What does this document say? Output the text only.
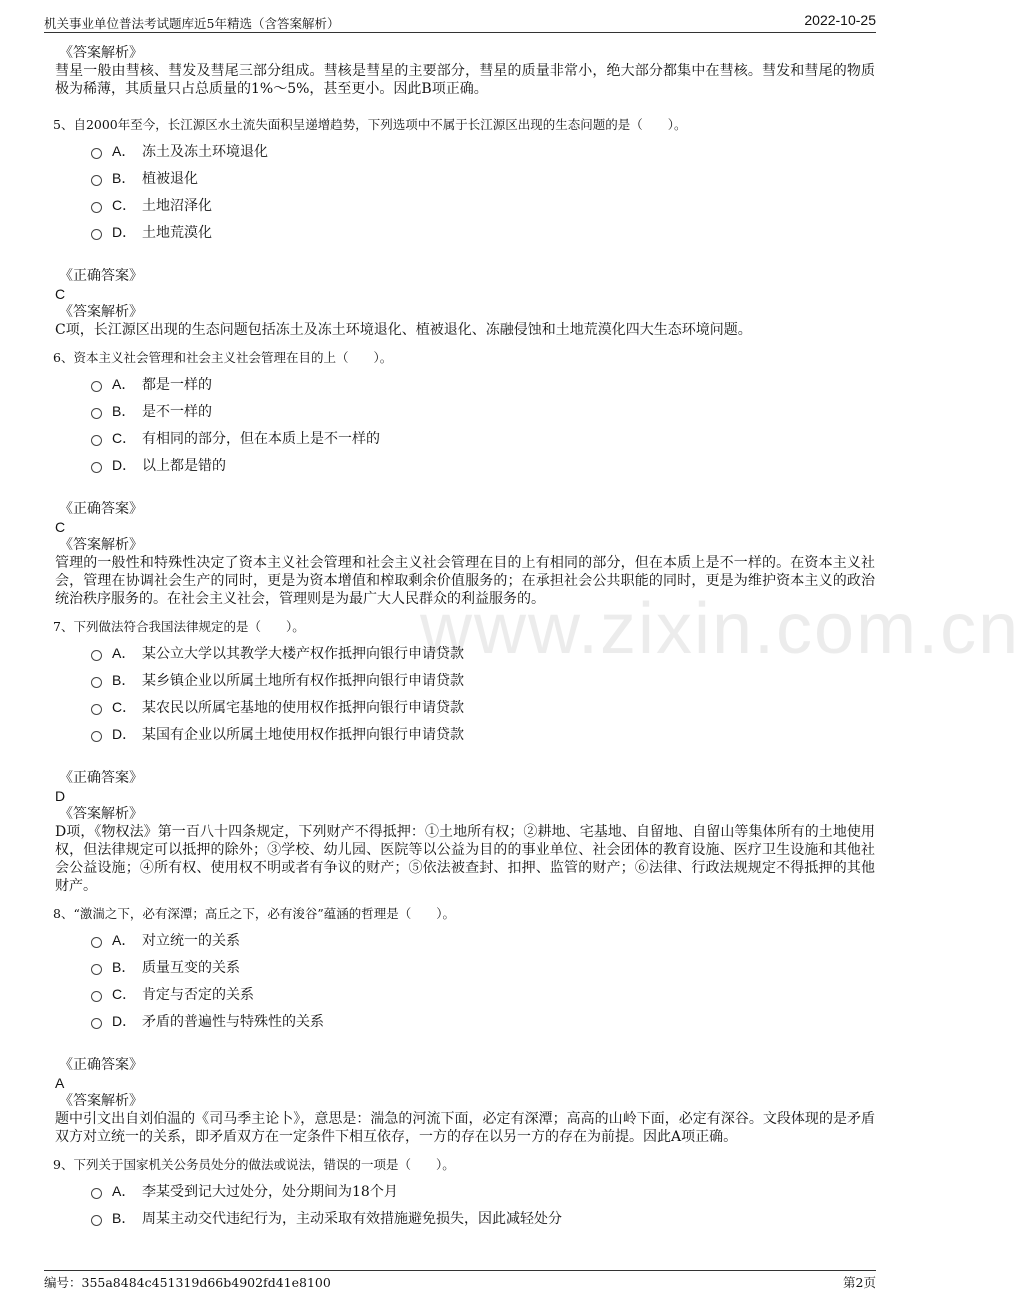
机关事业单位普法考试题库近5年精选（含答案解析）	2022-10-25
www.zixin.com.cn
《答案解析》

彗星一般由彗核、彗发及彗尾三部分组成。彗核是彗星的主要部分，彗星的质量非常小，绝大部分都集中在彗核。彗发和彗尾的物质极为稀薄，其质量只占总质量的1%～5%，甚至更小。因此B项正确。

5、自2000年至今，长江源区水土流失面积呈递增趋势，下列选项中不属于长江源区出现的生态问题的是（　　）。
A． 冻土及冻土环境退化
B． 植被退化
C． 土地沼泽化
D． 土地荒漠化
《正确答案》
C
《答案解析》

C项，长江源区出现的生态问题包括冻土及冻土环境退化、植被退化、冻融侵蚀和土地荒漠化四大生态环境问题。

6、资本主义社会管理和社会主义社会管理在目的上（　　）。
A． 都是一样的
B． 是不一样的
C． 有相同的部分，但在本质上是不一样的
D． 以上都是错的
《正确答案》
C
《答案解析》

管理的一般性和特殊性决定了资本主义社会管理和社会主义社会管理在目的上有相同的部分，但在本质上是不一样的。在资本主义社会，管理在协调社会生产的同时，更是为资本增值和榨取剩余价值服务的；在承担社会公共职能的同时，更是为维护资本主义的政治统治秩序服务的。在社会主义社会，管理则是为最广大人民群众的利益服务的。

7、下列做法符合我国法律规定的是（　　）。
A． 某公立大学以其教学大楼产权作抵押向银行申请贷款
B． 某乡镇企业以所属土地所有权作抵押向银行申请贷款
C． 某农民以所属宅基地的使用权作抵押向银行申请贷款
D． 某国有企业以所属土地使用权作抵押向银行申请贷款
《正确答案》
D
《答案解析》

D项，《物权法》第一百八十四条规定，下列财产不得抵押：①土地所有权；②耕地、宅基地、自留地、自留山等集体所有的土地使用权，但法律规定可以抵押的除外；③学校、幼儿园、医院等以公益为目的的事业单位、社会团体的教育设施、医疗卫生设施和其他社会公益设施；④所有权、使用权不明或者有争议的财产；⑤依法被查封、扣押、监管的财产；⑥法律、行政法规规定不得抵押的其他财产。

8、“激湍之下，必有深潭；高丘之下，必有浚谷”蕴涵的哲理是（　　）。
A． 对立统一的关系
B． 质量互变的关系
C． 肯定与否定的关系
D． 矛盾的普遍性与特殊性的关系
《正确答案》
A
《答案解析》

题中引文出自刘伯温的《司马季主论卜》，意思是：湍急的河流下面，必定有深潭；高高的山岭下面，必定有深谷。文段体现的是矛盾双方对立统一的关系，即矛盾双方在一定条件下相互依存，一方的存在以另一方的存在为前提。因此A项正确。

9、下列关于国家机关公务员处分的做法或说法，错误的一项是（　　）。
A． 李某受到记大过处分，处分期间为18个月
B． 周某主动交代违纪行为，主动采取有效措施避免损失，因此减轻处分
编号：355a8484c451319d66b4902fd41e8100	第2页
